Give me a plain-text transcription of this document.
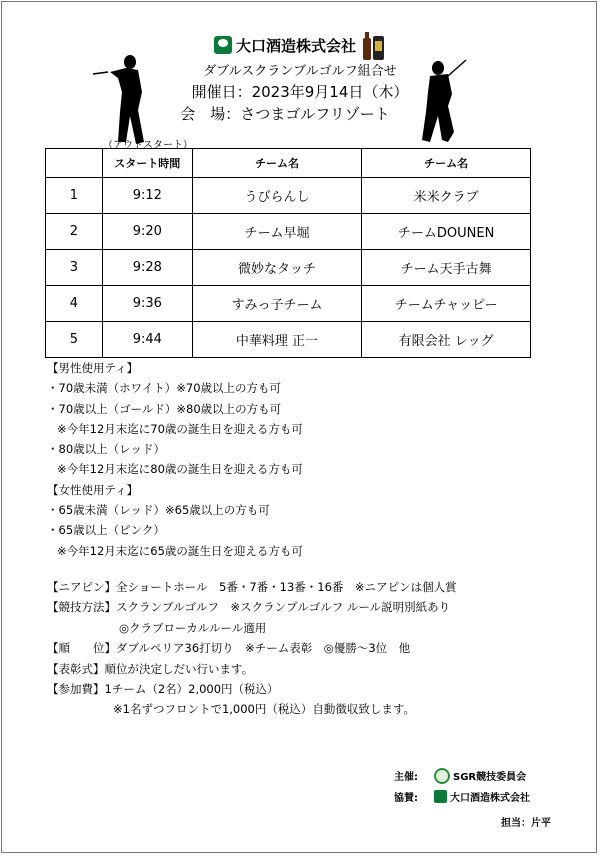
大口酒造株式会社
ダブルスクランブルゴルフ組合せ
開催日：2023年9月14日（木）
会　場：さつまゴルフリゾート
（アウトスタート）
	スタート時間	チーム名	チーム名
1	9:12	うびらんし	米米クラブ
2	9:20	チーム早堀	チームDOUNEN
3	9:28	微妙なタッチ	チーム天手古舞
4	9:36	すみっ子チーム	チームチャッピー
5	9:44	中華料理 正一	有限会社 レッグ
【男性使用ティ】
・70歳未満（ホワイト）※70歳以上の方も可
・70歳以上（ゴールド）※80歳以上の方も可
※今年12月末迄に70歳の誕生日を迎える方も可
・80歳以上（レッド）
※今年12月末迄に80歳の誕生日を迎える方も可
【女性使用ティ】
・65歳未満（レッド）※65歳以上の方も可
・65歳以上（ピンク）
※今年12月末迄に65歳の誕生日を迎える方も可
【ニアピン】全ショートホール　5番・7番・13番・16番　※ニアピンは個人賞
【競技方法】スクランブルゴルフ　※スクランブルゴルフ ルール説明別紙あり
◎クラブローカルルール適用
【順　　位】ダブルペリア36打切り　※チーム表彰　◎優勝～3位　他
【表彰式】順位が決定しだい行います。
【参加費】1チーム（2名）2,000円（税込）
※1名ずつフロントで1,000円（税込）自動徴収致します。
主催:	SGR競技委員会
協賛:	大口酒造株式会社
担当：片平
